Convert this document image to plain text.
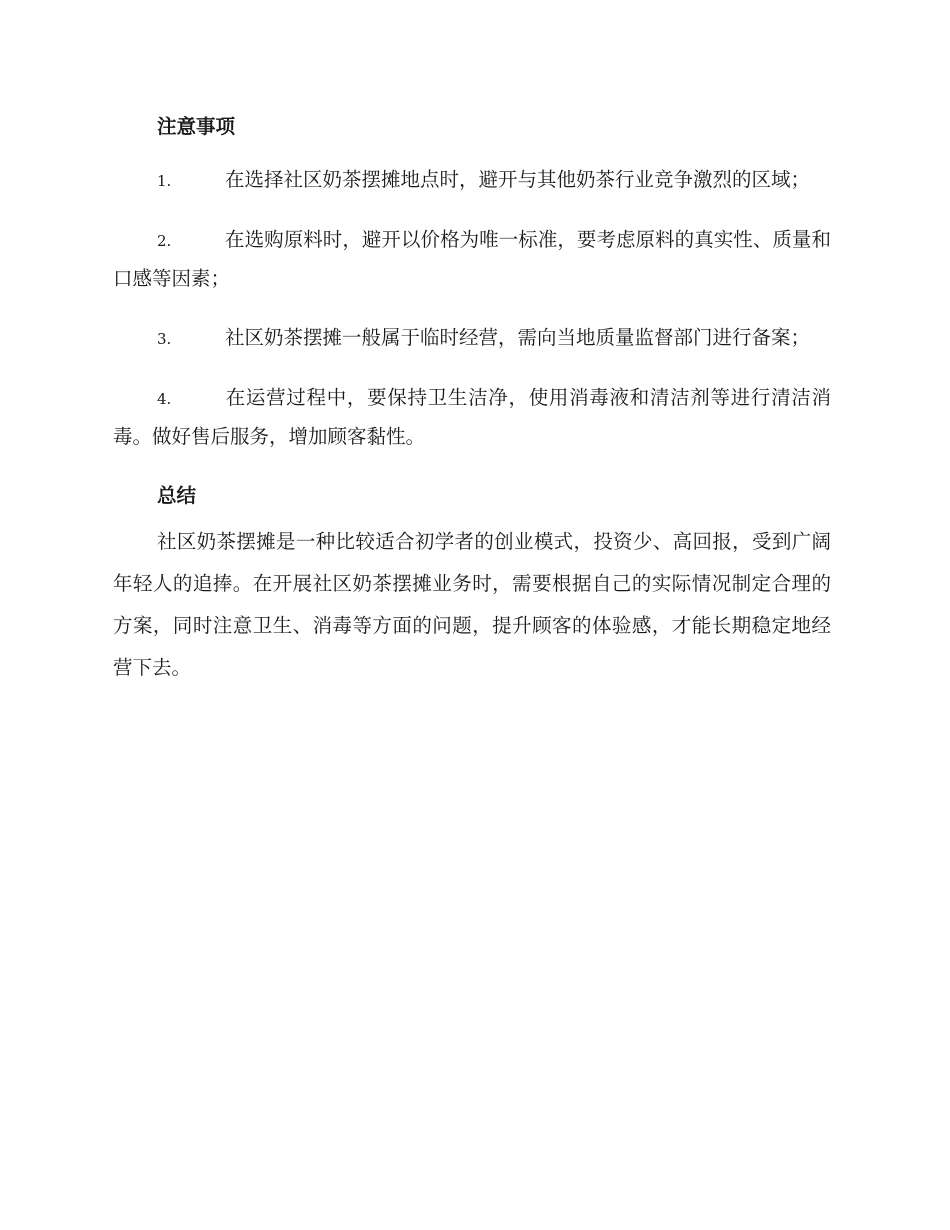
注意事项
1.	在选择社区奶茶摆摊地点时，避开与其他奶茶行业竞争激烈的区域；
2.	在选购原料时，避开以价格为唯一标准，要考虑原料的真实性、质量和口感等因素；
3.	社区奶茶摆摊一般属于临时经营，需向当地质量监督部门进行备案；
4.	在运营过程中，要保持卫生洁净，使用消毒液和清洁剂等进行清洁消毒。做好售后服务，增加顾客黏性。
总结

社区奶茶摆摊是一种比较适合初学者的创业模式，投资少、高回报，受到广阔年轻人的追捧。在开展社区奶茶摆摊业务时，需要根据自己的实际情况制定合理的方案，同时注意卫生、消毒等方面的问题，提升顾客的体验感，才能长期稳定地经营下去。
